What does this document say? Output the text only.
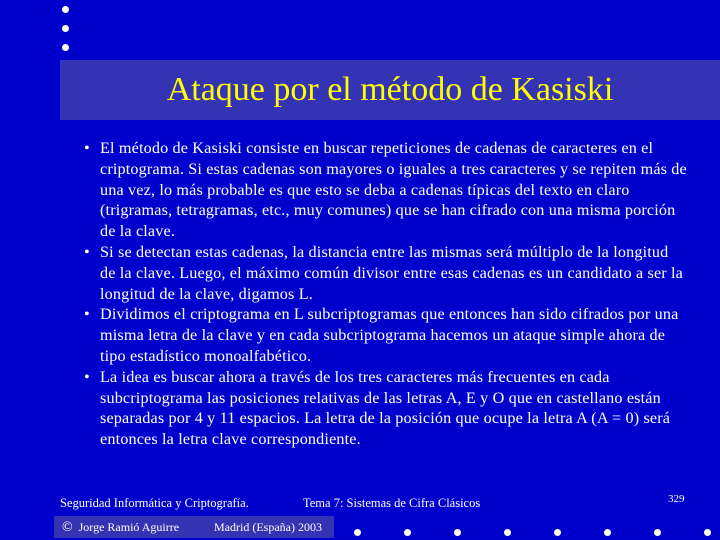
Ataque por el método de Kasiski
• El método de Kasiski consiste en buscar repeticiones de cadenas de caracteres en el criptograma. Si estas cadenas son mayores o iguales a tres caracteres y se repiten más de una vez, lo más probable es que esto se deba a cadenas típicas del texto en claro (trigramas, tetragramas, etc., muy comunes) que se han cifrado con una misma porción de la clave.
• Si se detectan estas cadenas, la distancia entre las mismas será múltiplo de la longitud de la clave. Luego, el máximo común divisor entre esas cadenas es un candidato a ser la longitud de la clave, digamos L.
• Dividimos el criptograma en L subcriptogramas que entonces han sido cifrados por una misma letra de la clave y en cada subcriptograma hacemos un ataque simple ahora de tipo estadístico monoalfabético.
• La idea es buscar ahora a través de los tres caracteres más frecuentes en cada subcriptograma las posiciones relativas de las letras A, E y O que en castellano están separadas por 4 y 11 espacios. La letra de la posición que ocupe la letra A (A = 0) será entonces la letra clave correspondiente.
Seguridad Informática y Criptografía.	Tema 7: Sistemas de Cifra Clásicos	329
© Jorge Ramió Aguirre	Madrid (España) 2003
